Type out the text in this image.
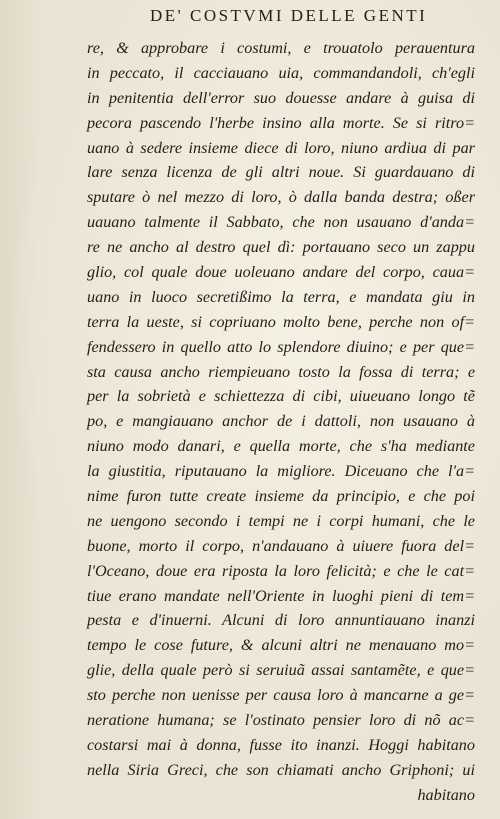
DE' COSTVMI DELLE GENTI
re, & approbare i costumi, e trouatolo perauentura
in peccato, il cacciauano uia, commandandoli, ch'egli
in penitentia dell'error suo douesse andare à guisa di
pecora pascendo l'herbe insino alla morte. Se si ritro=
uano à sedere insieme diece di loro, niuno ardiua di par
lare senza licenza de gli altri noue. Si guardauano di
sputare ò nel mezzo di loro, ò dalla banda destra; oßer
uauano talmente il Sabbato, che non usauano d'anda=
re ne ancho al destro quel dì: portauano seco un zappu
glio, col quale doue uoleuano andare del corpo, caua=
uano in luoco secretißimo la terra, e mandata giu in
terra la ueste, si copriuano molto bene, perche non of=
fendessero in quello atto lo splendore diuino; e per que=
sta causa ancho riempieuano tosto la fossa di terra; e
per la sobrietà e schiettezza di cibi, uiueuano longo tẽ
po, e mangiauano anchor de i dattoli, non usauano à
niuno modo danari, e quella morte, che s'ha mediante
la giustitia, riputauano la migliore. Diceuano che l'a=
nime furon tutte create insieme da principio, e che poi
ne uengono secondo i tempi ne i corpi humani, che le
buone, morto il corpo, n'andauano à uiuere fuora del=
l'Oceano, doue era riposta la loro felicità; e che le cat=
tiue erano mandate nell'Oriente in luoghi pieni di tem=
pesta e d'inuerni. Alcuni di loro annuntiauano inanzi
tempo le cose future, & alcuni altri ne menauano mo=
glie, della quale però si seruiuã assai santamẽte, e que=
sto perche non uenisse per causa loro à mancarne a ge=
neratione humana; se l'ostinato pensier loro di nõ ac=
costarsi mai à donna, fusse ito inanzi. Hoggi habitano
nella Siria Greci, che son chiamati ancho Griphoni; ui
habitano
